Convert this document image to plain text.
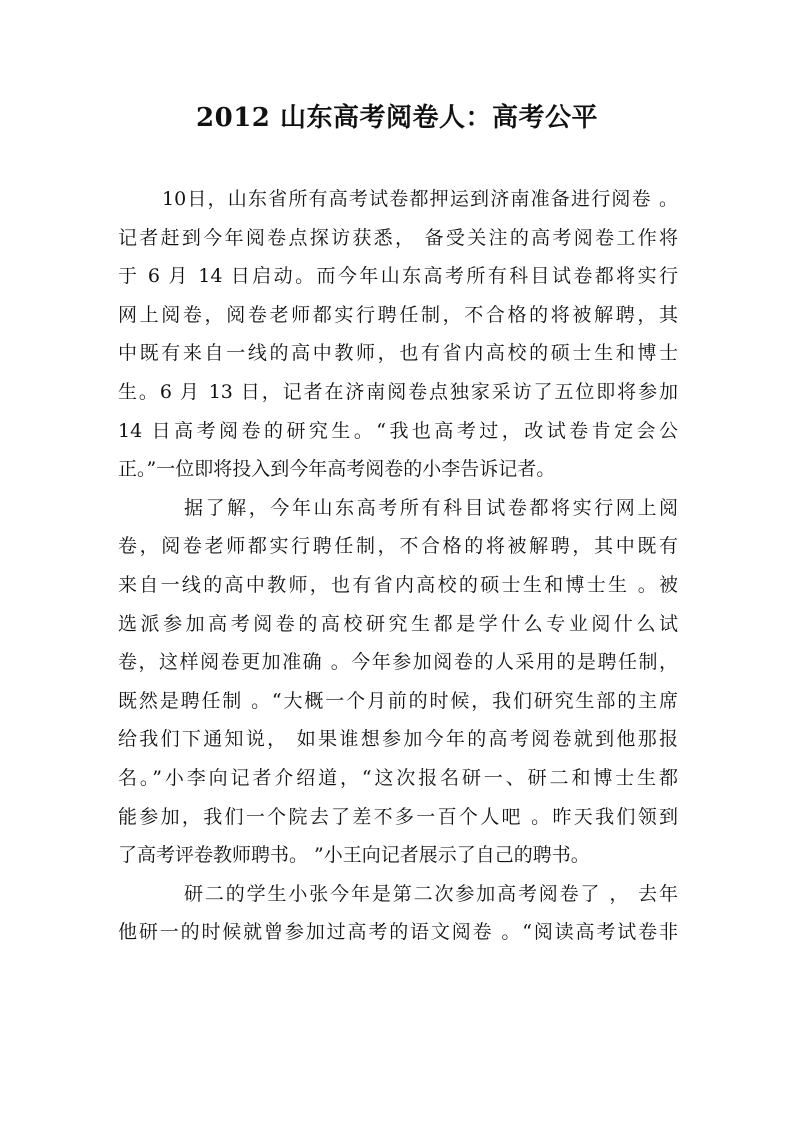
2012 山东高考阅卷人：高考公平
10日，山东省所有高考试卷都押运到济南准备进行阅卷 。
记者赶到今年阅卷点探访获悉， 备受关注的高考阅卷工作将
于 6 月 14 日启动。而今年山东高考所有科目试卷都将实行
网上阅卷，阅卷老师都实行聘任制，不合格的将被解聘，其
中既有来自一线的高中教师，也有省内高校的硕士生和博士
生。6 月 13 日，记者在济南阅卷点独家采访了五位即将参加
14 日高考阅卷的研究生。“我也高考过，改试卷肯定会公
正。”一位即将投入到今年高考阅卷的小李告诉记者。
据了解，今年山东高考所有科目试卷都将实行网上阅
卷，阅卷老师都实行聘任制，不合格的将被解聘，其中既有
来自一线的高中教师，也有省内高校的硕士生和博士生 。被
选派参加高考阅卷的高校研究生都是学什么专业阅什么试
卷，这样阅卷更加准确 。今年参加阅卷的人采用的是聘任制，
既然是聘任制 。“大概一个月前的时候，我们研究生部的主席
给我们下通知说， 如果谁想参加今年的高考阅卷就到他那报
名。”小李向记者介绍道，“这次报名研一、研二和博士生都
能参加，我们一个院去了差不多一百个人吧 。昨天我们领到
了高考评卷教师聘书。 ”小王向记者展示了自己的聘书。
研二的学生小张今年是第二次参加高考阅卷了 ， 去年
他研一的时候就曾参加过高考的语文阅卷 。“阅读高考试卷非
